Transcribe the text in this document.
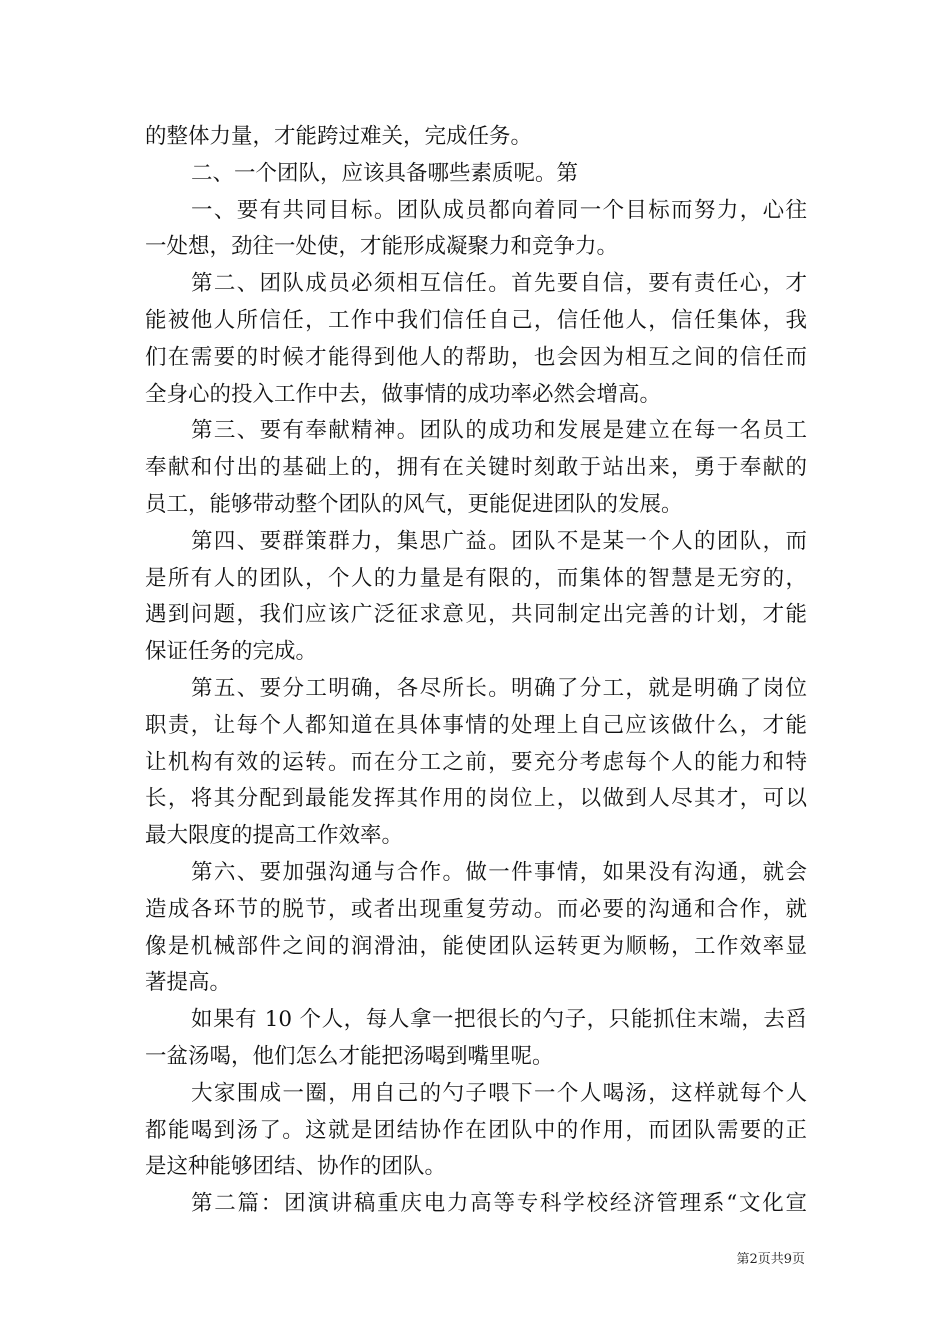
的整体力量，才能跨过难关，完成任务。
二、一个团队，应该具备哪些素质呢。第
一、要有共同目标。团队成员都向着同一个目标而努力，心往
一处想，劲往一处使，才能形成凝聚力和竞争力。
第二、团队成员必须相互信任。首先要自信，要有责任心，才
能被他人所信任，工作中我们信任自己，信任他人，信任集体，我
们在需要的时候才能得到他人的帮助，也会因为相互之间的信任而
全身心的投入工作中去，做事情的成功率必然会增高。
第三、要有奉献精神。团队的成功和发展是建立在每一名员工
奉献和付出的基础上的，拥有在关键时刻敢于站出来，勇于奉献的
员工，能够带动整个团队的风气，更能促进团队的发展。
第四、要群策群力，集思广益。团队不是某一个人的团队，而
是所有人的团队，个人的力量是有限的，而集体的智慧是无穷的，
遇到问题，我们应该广泛征求意见，共同制定出完善的计划，才能
保证任务的完成。
第五、要分工明确，各尽所长。明确了分工，就是明确了岗位
职责，让每个人都知道在具体事情的处理上自己应该做什么，才能
让机构有效的运转。而在分工之前，要充分考虑每个人的能力和特
长，将其分配到最能发挥其作用的岗位上，以做到人尽其才，可以
最大限度的提高工作效率。
第六、要加强沟通与合作。做一件事情，如果没有沟通，就会
造成各环节的脱节，或者出现重复劳动。而必要的沟通和合作，就
像是机械部件之间的润滑油，能使团队运转更为顺畅，工作效率显
著提高。
如果有 10 个人，每人拿一把很长的勺子，只能抓住末端，去舀
一盆汤喝，他们怎么才能把汤喝到嘴里呢。
大家围成一圈，用自己的勺子喂下一个人喝汤，这样就每个人
都能喝到汤了。这就是团结协作在团队中的作用，而团队需要的正
是这种能够团结、协作的团队。
第二篇：团演讲稿重庆电力高等专科学校经济管理系“文化宣
第2页共9页
